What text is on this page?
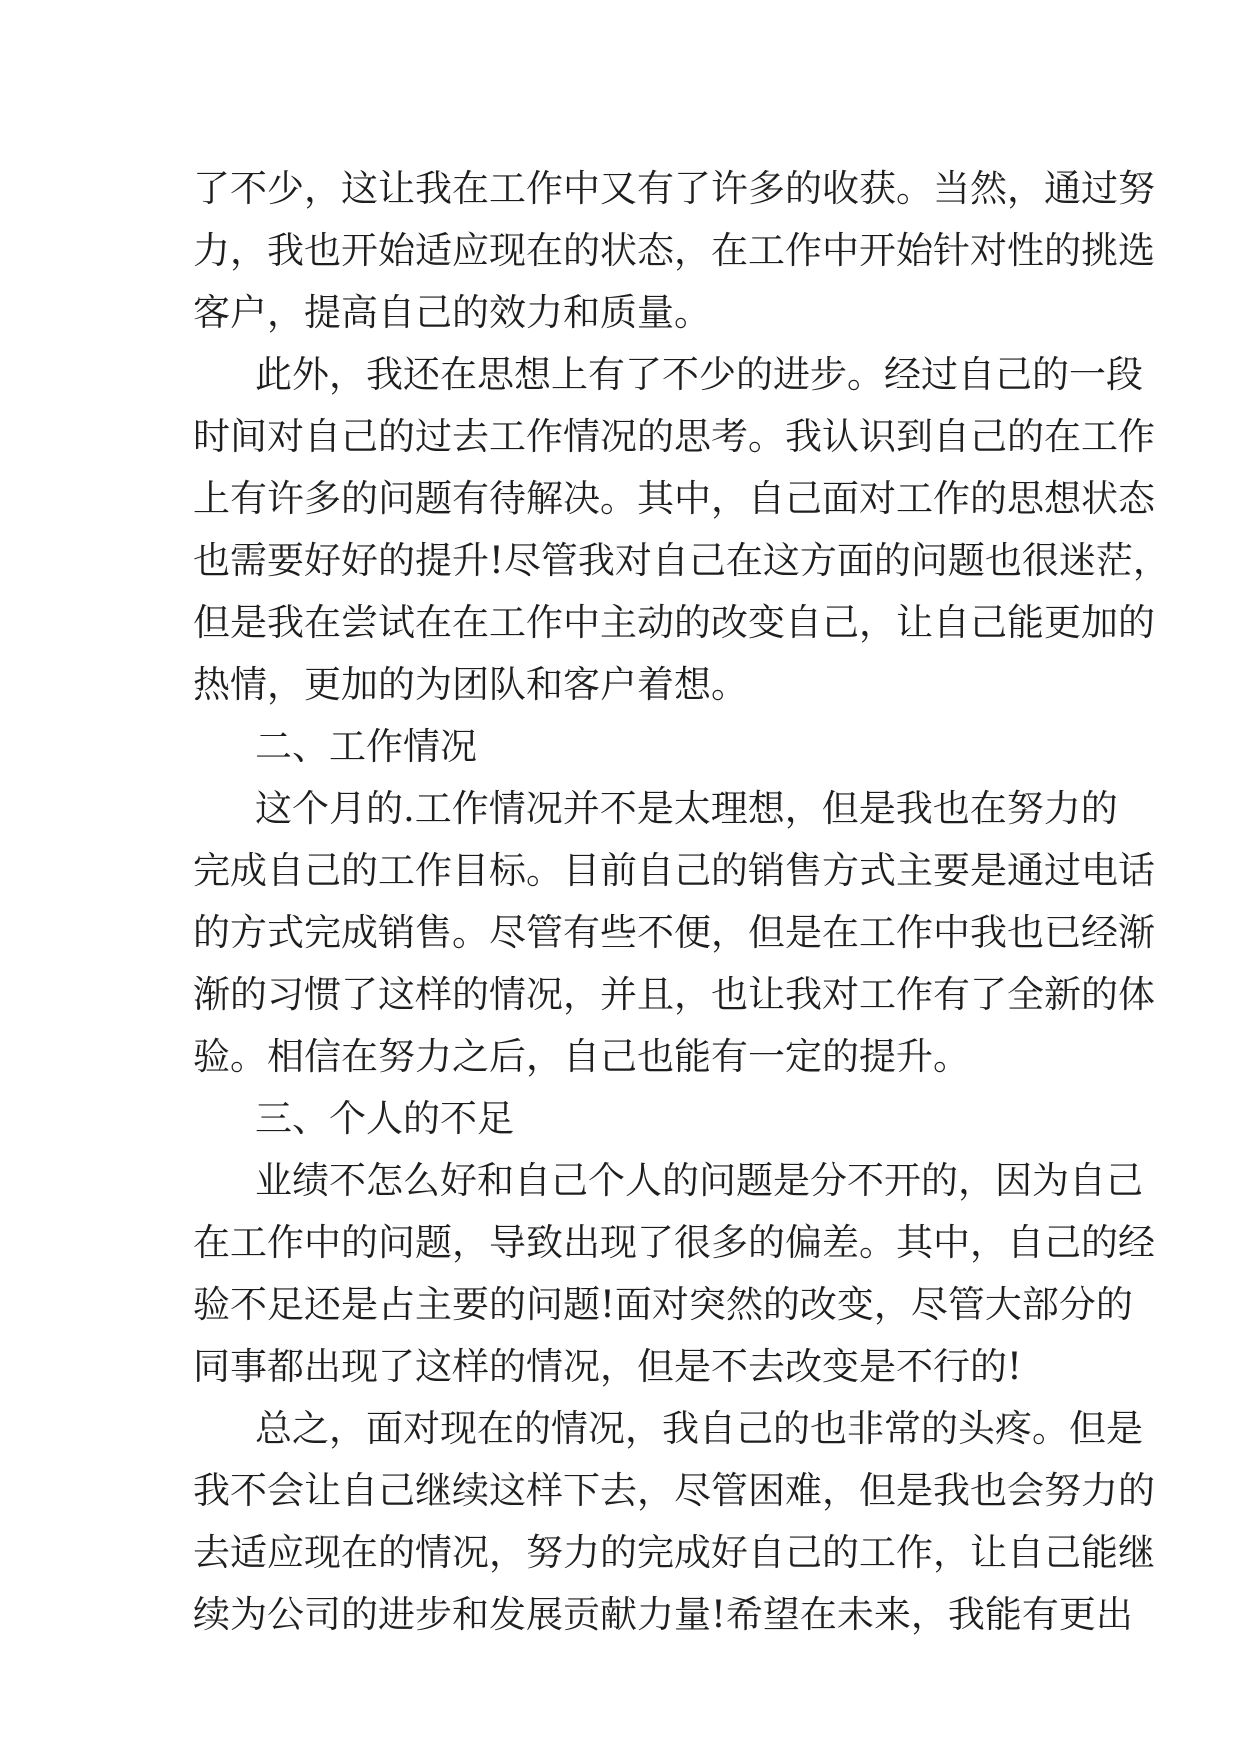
了不少，这让我在工作中又有了许多的收获。当然，通过努
力，我也开始适应现在的状态，在工作中开始针对性的挑选
客户，提高自己的效力和质量。
此外，我还在思想上有了不少的进步。经过自己的一段
时间对自己的过去工作情况的思考。我认识到自己的在工作
上有许多的问题有待解决。其中，自己面对工作的思想状态
也需要好好的提升!尽管我对自己在这方面的问题也很迷茫，
但是我在尝试在在工作中主动的改变自己，让自己能更加的
热情，更加的为团队和客户着想。
二、工作情况
这个月的.工作情况并不是太理想，但是我也在努力的
完成自己的工作目标。目前自己的销售方式主要是通过电话
的方式完成销售。尽管有些不便，但是在工作中我也已经渐
渐的习惯了这样的情况，并且，也让我对工作有了全新的体
验。相信在努力之后，自己也能有一定的提升。
三、个人的不足
业绩不怎么好和自己个人的问题是分不开的，因为自己
在工作中的问题，导致出现了很多的偏差。其中，自己的经
验不足还是占主要的问题!面对突然的改变，尽管大部分的
同事都出现了这样的情况，但是不去改变是不行的!
总之，面对现在的情况，我自己的也非常的头疼。但是
我不会让自己继续这样下去，尽管困难，但是我也会努力的
去适应现在的情况，努力的完成好自己的工作，让自己能继
续为公司的进步和发展贡献力量!希望在未来，我能有更出
